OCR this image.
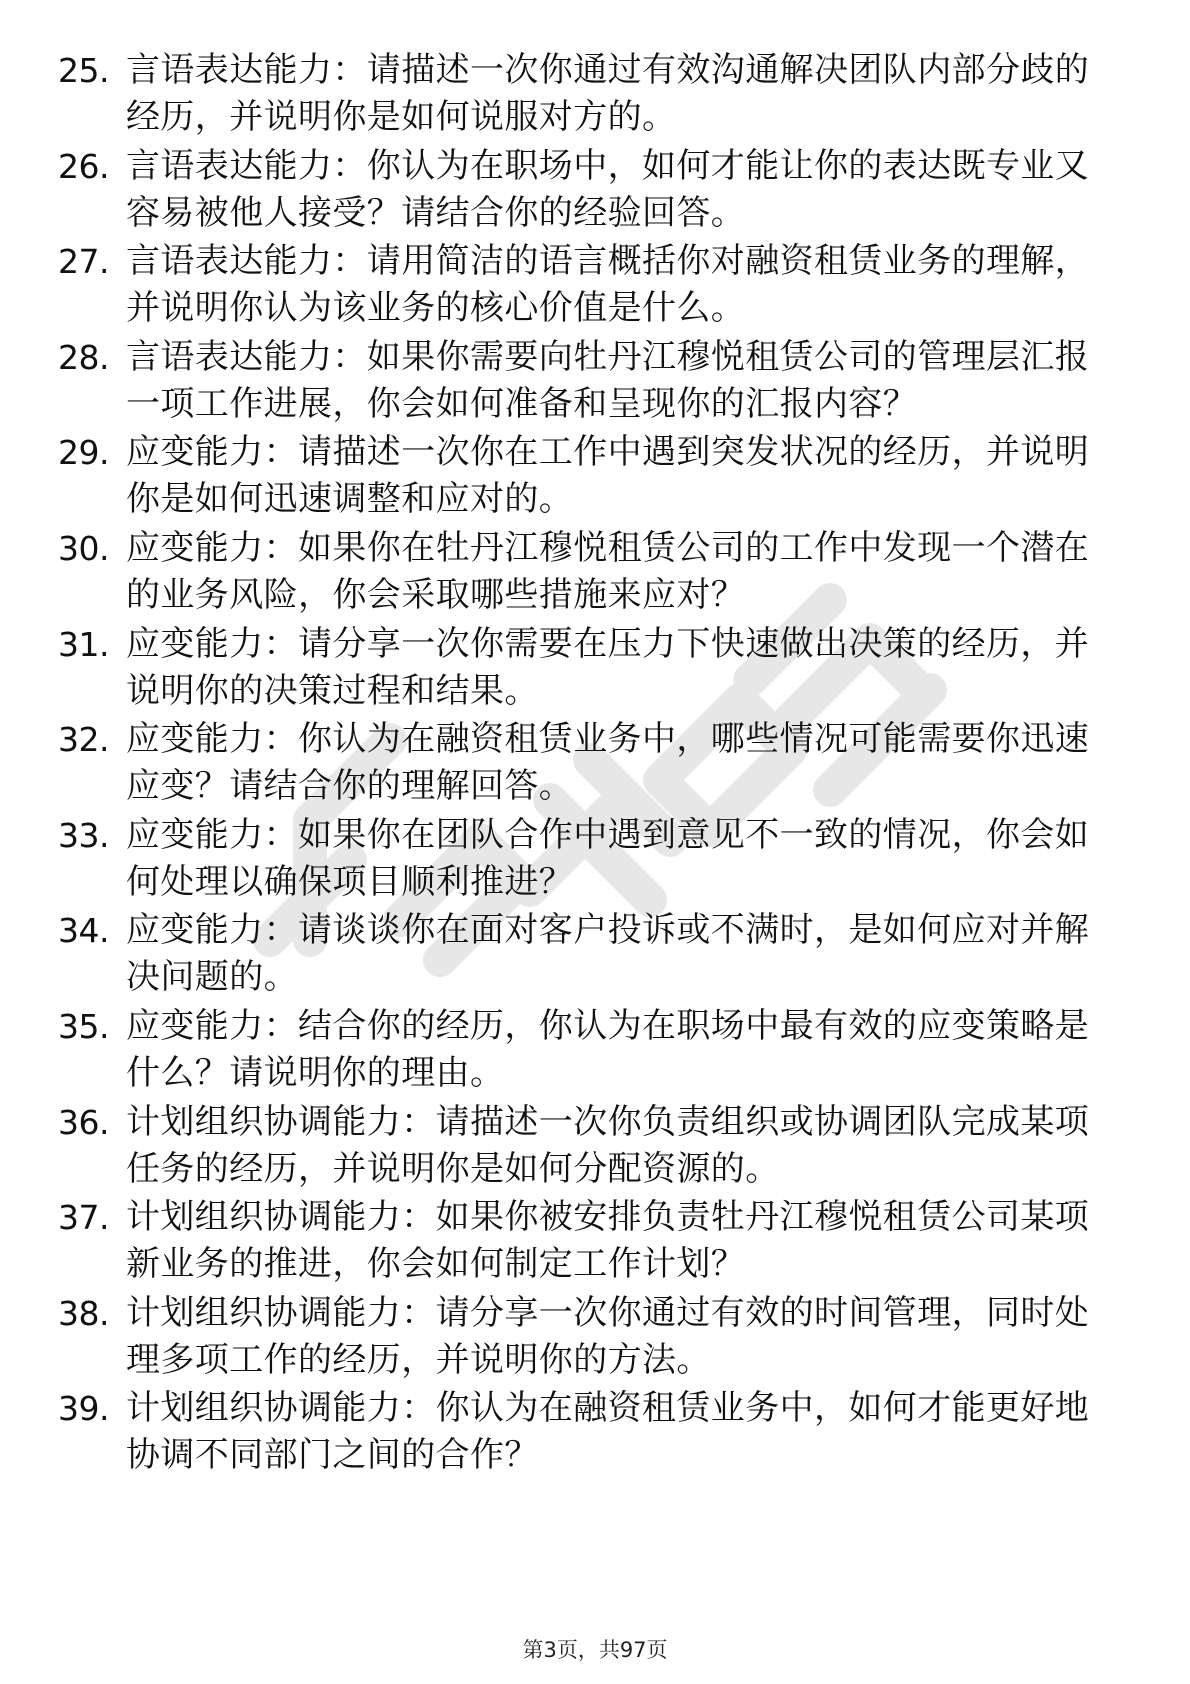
25. 言语表达能力：请描述一次你通过有效沟通解决团队内部分歧的经历，并说明你是如何说服对方的。
26. 言语表达能力：你认为在职场中，如何才能让你的表达既专业又容易被他人接受？请结合你的经验回答。
27. 言语表达能力：请用简洁的语言概括你对融资租赁业务的理解，并说明你认为该业务的核心价值是什么。
28. 言语表达能力：如果你需要向牡丹江穆悦租赁公司的管理层汇报一项工作进展，你会如何准备和呈现你的汇报内容？
29. 应变能力：请描述一次你在工作中遇到突发状况的经历，并说明你是如何迅速调整和应对的。
30. 应变能力：如果你在牡丹江穆悦租赁公司的工作中发现一个潜在的业务风险，你会采取哪些措施来应对？
31. 应变能力：请分享一次你需要在压力下快速做出决策的经历，并说明你的决策过程和结果。
32. 应变能力：你认为在融资租赁业务中，哪些情况可能需要你迅速应变？请结合你的理解回答。
33. 应变能力：如果你在团队合作中遇到意见不一致的情况，你会如何处理以确保项目顺利推进？
34. 应变能力：请谈谈你在面对客户投诉或不满时，是如何应对并解决问题的。
35. 应变能力：结合你的经历，你认为在职场中最有效的应变策略是什么？请说明你的理由。
36. 计划组织协调能力：请描述一次你负责组织或协调团队完成某项任务的经历，并说明你是如何分配资源的。
37. 计划组织协调能力：如果你被安排负责牡丹江穆悦租赁公司某项新业务的推进，你会如何制定工作计划？
38. 计划组织协调能力：请分享一次你通过有效的时间管理，同时处理多项工作的经历，并说明你的方法。
39. 计划组织协调能力：你认为在融资租赁业务中，如何才能更好地协调不同部门之间的合作？
第3页，共97页
